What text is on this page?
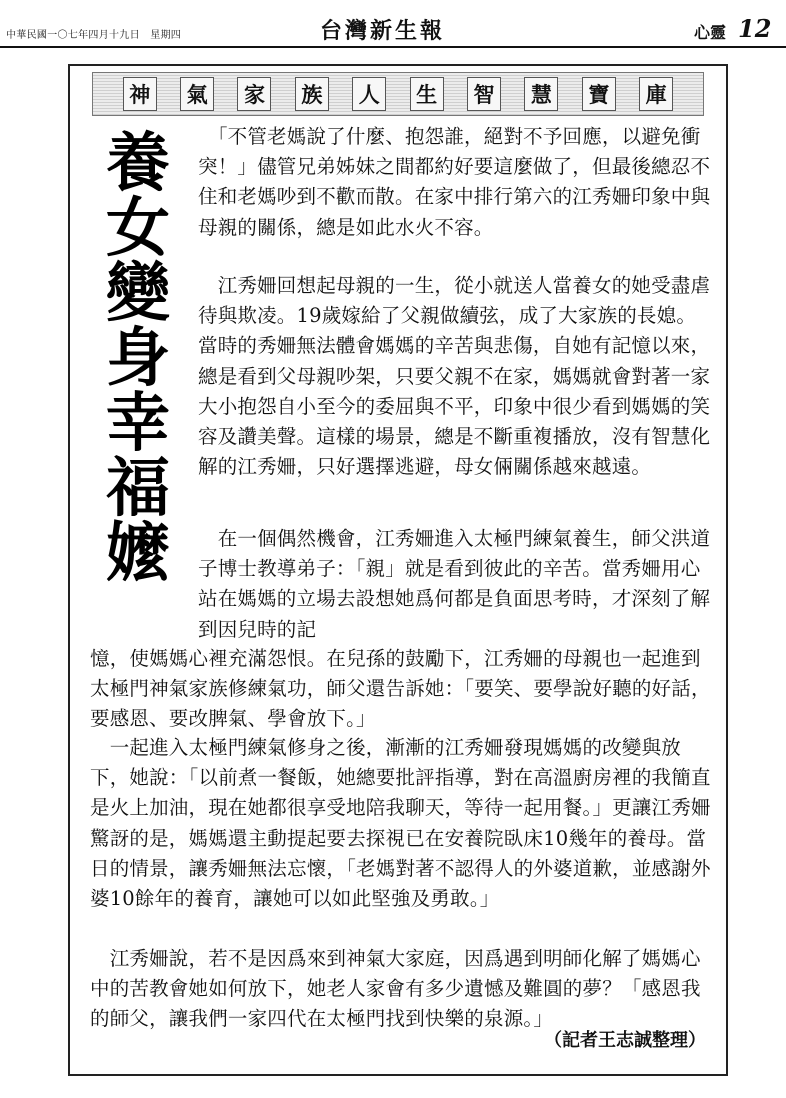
中華民國一〇七年四月十九日　星期四	台灣新生報	心靈 12
神	氣	家	族	人	生	智	慧	寶	庫
養
女
變
身
幸
福
嬤

　「不管老媽說了什麼、抱怨誰，絕對不予回應，以避免衝突！」儘管兄弟姊妹之間都約好要這麼做了，但最後總忍不住和老媽吵到不歡而散。在家中排行第六的江秀姍印象中與母親的關係，總是如此水火不容。

　江秀姍回想起母親的一生，從小就送人當養女的她受盡虐待與欺凌。19歲嫁給了父親做續弦，成了大家族的長媳。當時的秀姍無法體會媽媽的辛苦與悲傷，自她有記憶以來，總是看到父母親吵架，只要父親不在家，媽媽就會對著一家大小抱怨自小至今的委屈與不平，印象中很少看到媽媽的笑容及讚美聲。這樣的場景，總是不斷重複播放，沒有智慧化解的江秀姍，只好選擇逃避，母女倆關係越來越遠。

　在一個偶然機會，江秀姍進入太極門練氣養生，師父洪道子博士教導弟子：「親」就是看到彼此的辛苦。當秀姍用心站在媽媽的立場去設想她爲何都是負面思考時，才深刻了解到因兒時的記

憶，使媽媽心裡充滿怨恨。在兒孫的鼓勵下，江秀姍的母親也一起進到太極門神氣家族修練氣功，師父還告訴她：「要笑、要學說好聽的好話，要感恩、要改脾氣、學會放下。」

　一起進入太極門練氣修身之後，漸漸的江秀姍發現媽媽的改變與放下，她說：「以前煮一餐飯，她總要批評指導，對在高溫廚房裡的我簡直是火上加油，現在她都很享受地陪我聊天，等待一起用餐。」更讓江秀姍驚訝的是，媽媽還主動提起要去探視已在安養院臥床10幾年的養母。當日的情景，讓秀姍無法忘懷，「老媽對著不認得人的外婆道歉，並感謝外婆10餘年的養育，讓她可以如此堅強及勇敢。」

　江秀姍說，若不是因爲來到神氣大家庭，因爲遇到明師化解了媽媽心中的苦教會她如何放下，她老人家會有多少遺憾及難圓的夢？「感恩我的師父，讓我們一家四代在太極門找到快樂的泉源。」

（記者王志誠整理）
